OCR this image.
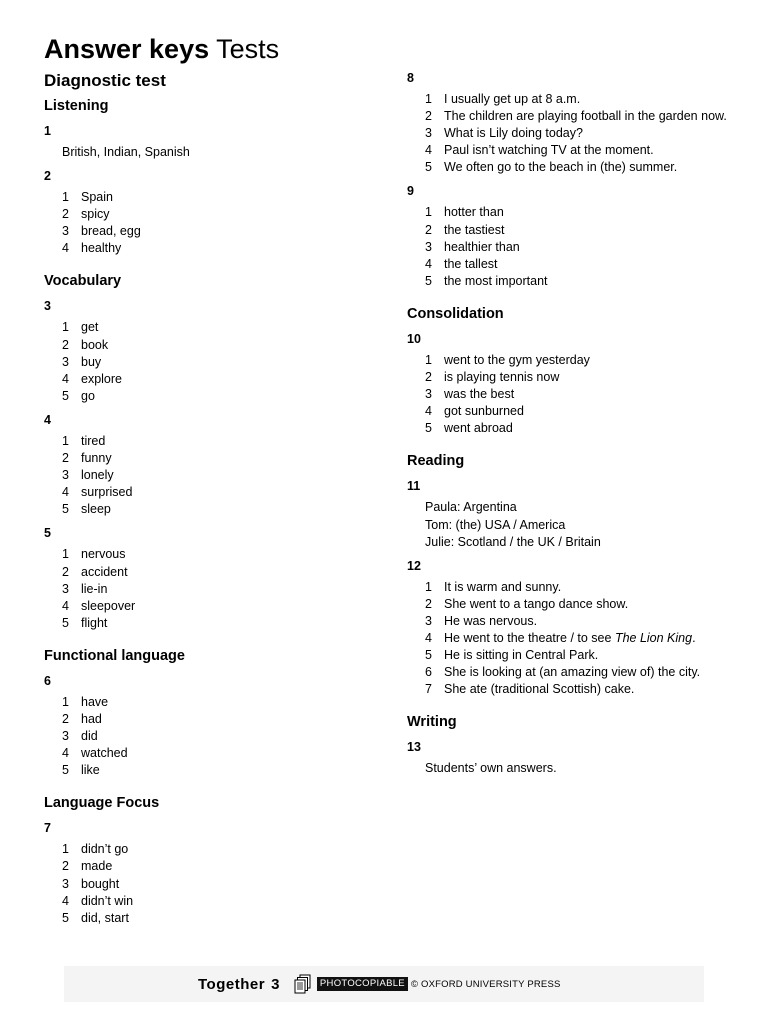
Answer keys Tests
Diagnostic test
Listening
1
British, Indian, Spanish
2
1 Spain
2 spicy
3 bread, egg
4 healthy
Vocabulary
3
1 get
2 book
3 buy
4 explore
5 go
4
1 tired
2 funny
3 lonely
4 surprised
5 sleep
5
1 nervous
2 accident
3 lie-in
4 sleepover
5 flight
Functional language
6
1 have
2 had
3 did
4 watched
5 like
Language Focus
7
1 didn’t go
2 made
3 bought
4 didn’t win
5 did, start
8
1 I usually get up at 8 a.m.
2 The children are playing football in the garden now.
3 What is Lily doing today?
4 Paul isn’t watching TV at the moment.
5 We often go to the beach in (the) summer.
9
1 hotter than
2 the tastiest
3 healthier than
4 the tallest
5 the most important
Consolidation
10
1 went to the gym yesterday
2 is playing tennis now
3 was the best
4 got sunburned
5 went abroad
Reading
11
Paula: Argentina
Tom: (the) USA / America
Julie: Scotland / the UK / Britain
12
1 It is warm and sunny.
2 She went to a tango dance show.
3 He was nervous.
4 He went to the theatre / to see The Lion King.
5 He is sitting in Central Park.
6 She is looking at (an amazing view of) the city.
7 She ate (traditional Scottish) cake.
Writing
13
Students’ own answers.
Together 3	PHOTOCOPIABLE © OXFORD UNIVERSITY PRESS
